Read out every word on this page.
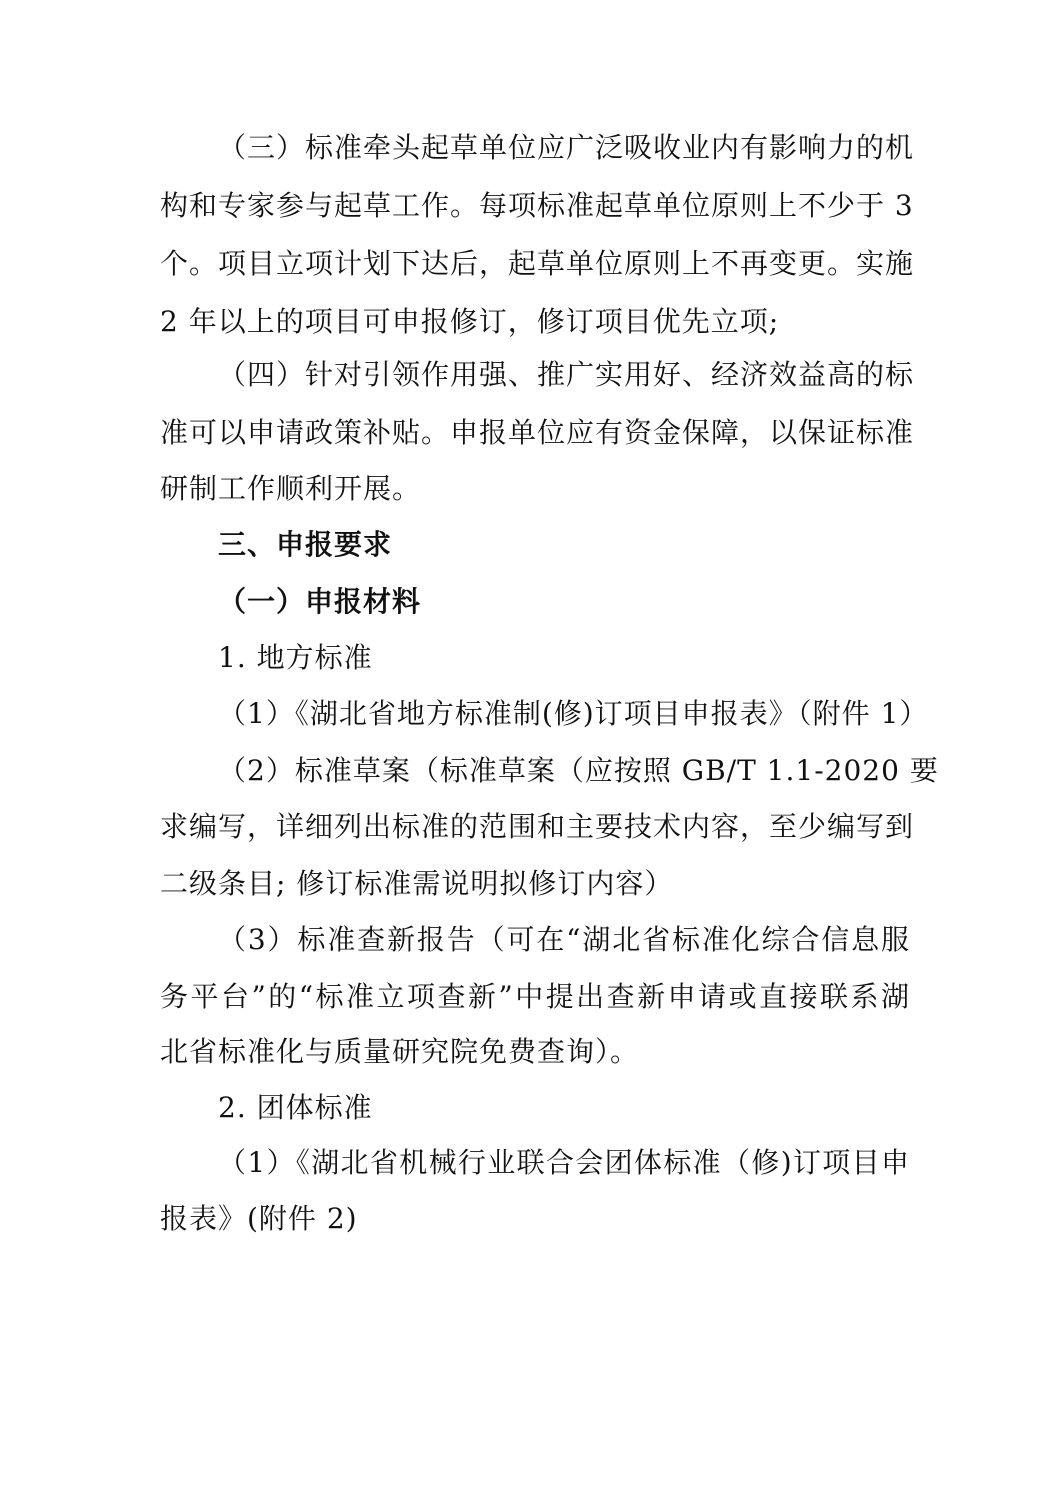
（三）标准牵头起草单位应广泛吸收业内有影响力的机
构和专家参与起草工作。每项标准起草单位原则上不少于 3
个。项目立项计划下达后，起草单位原则上不再变更。实施
2 年以上的项目可申报修订，修订项目优先立项;
（四）针对引领作用强、推广实用好、经济效益高的标
准可以申请政策补贴。申报单位应有资金保障，以保证标准
研制工作顺利开展。
三、申报要求
（一）申报材料
1. 地方标准
（1）《湖北省地方标准制(修)订项目申报表》（附件 1）
（2）标准草案（标准草案（应按照 GB/T 1.1-2020 要
求编写，详细列出标准的范围和主要技术内容，至少编写到
二级条目; 修订标准需说明拟修订内容）
（3）标准查新报告（可在“湖北省标准化综合信息服
务平台”的“标准立项查新”中提出查新申请或直接联系湖
北省标准化与质量研究院免费查询）。
2. 团体标准
（1）《湖北省机械行业联合会团体标准（修)订项目申
报表》(附件 2)
